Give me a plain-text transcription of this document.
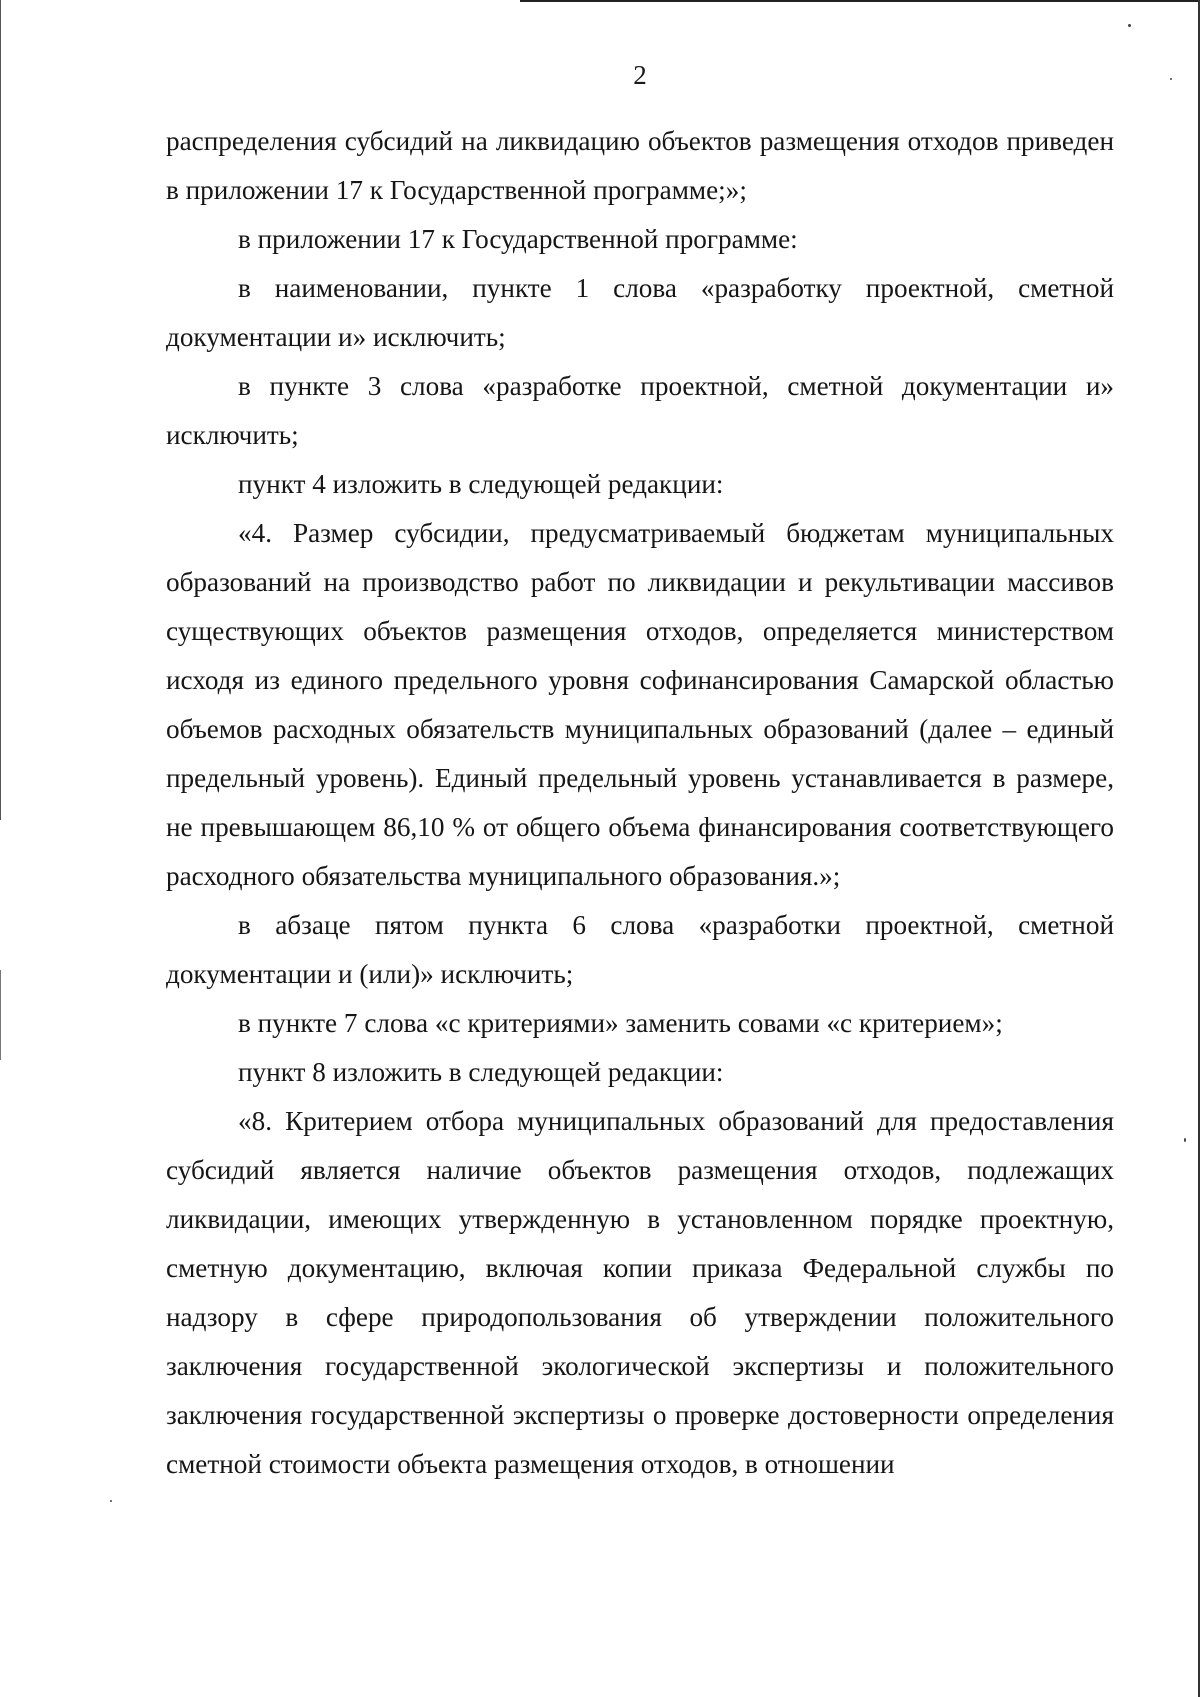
2

распределения субсидий на ликвидацию объектов размещения отходов приведен в приложении 17 к Государственной программе;»;

в приложении 17 к Государственной программе:

в наименовании, пункте 1 слова «разработку проектной, сметной документации и» исключить;

в пункте 3 слова «разработке проектной, сметной документации и» исключить;

пункт 4 изложить в следующей редакции:

«4. Размер субсидии, предусматриваемый бюджетам муниципальных образований на производство работ по ликвидации и рекультивации массивов существующих объектов размещения отходов, определяется министерством исходя из единого предельного уровня софинансирования Самарской областью объемов расходных обязательств муниципальных образований (далее – единый предельный уровень). Единый предельный уровень устанавливается в размере, не превышающем 86,10 % от общего объема финансирования соответствующего расходного обязательства муниципального образования.»;

в абзаце пятом пункта 6 слова «разработки проектной, сметной документации и (или)» исключить;

в пункте 7 слова «с критериями» заменить совами «с критерием»;

пункт 8 изложить в следующей редакции:

«8. Критерием отбора муниципальных образований для предоставления субсидий является наличие объектов размещения отходов, подлежащих ликвидации, имеющих утвержденную в установленном порядке проектную, сметную документацию, включая копии приказа Федеральной службы по надзору в сфере природопользования об утверждении положительного заключения государственной экологической экспертизы и положительного заключения государственной экспертизы о проверке достоверности определения сметной стоимости объекта размещения отходов, в отношении
